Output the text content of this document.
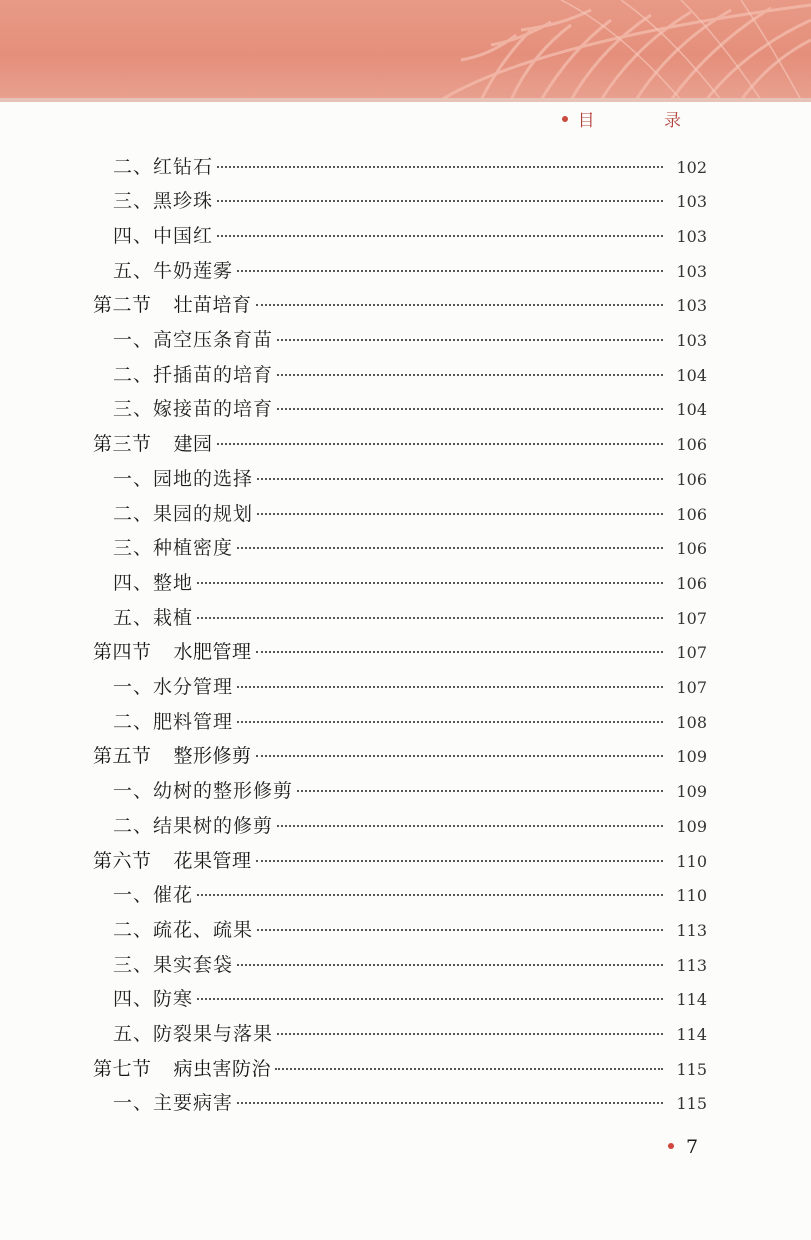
目 录
二、红钻石	102
三、黑珍珠	103
四、中国红	103
五、牛奶莲雾	103
第二节 壮苗培育	103
一、高空压条育苗	103
二、扦插苗的培育	104
三、嫁接苗的培育	104
第三节 建园	106
一、园地的选择	106
二、果园的规划	106
三、种植密度	106
四、整地	106
五、栽植	107
第四节 水肥管理	107
一、水分管理	107
二、肥料管理	108
第五节 整形修剪	109
一、幼树的整形修剪	109
二、结果树的修剪	109
第六节 花果管理	110
一、催花	110
二、疏花、疏果	113
三、果实套袋	113
四、防寒	114
五、防裂果与落果	114
第七节 病虫害防治	115
一、主要病害	115
7
